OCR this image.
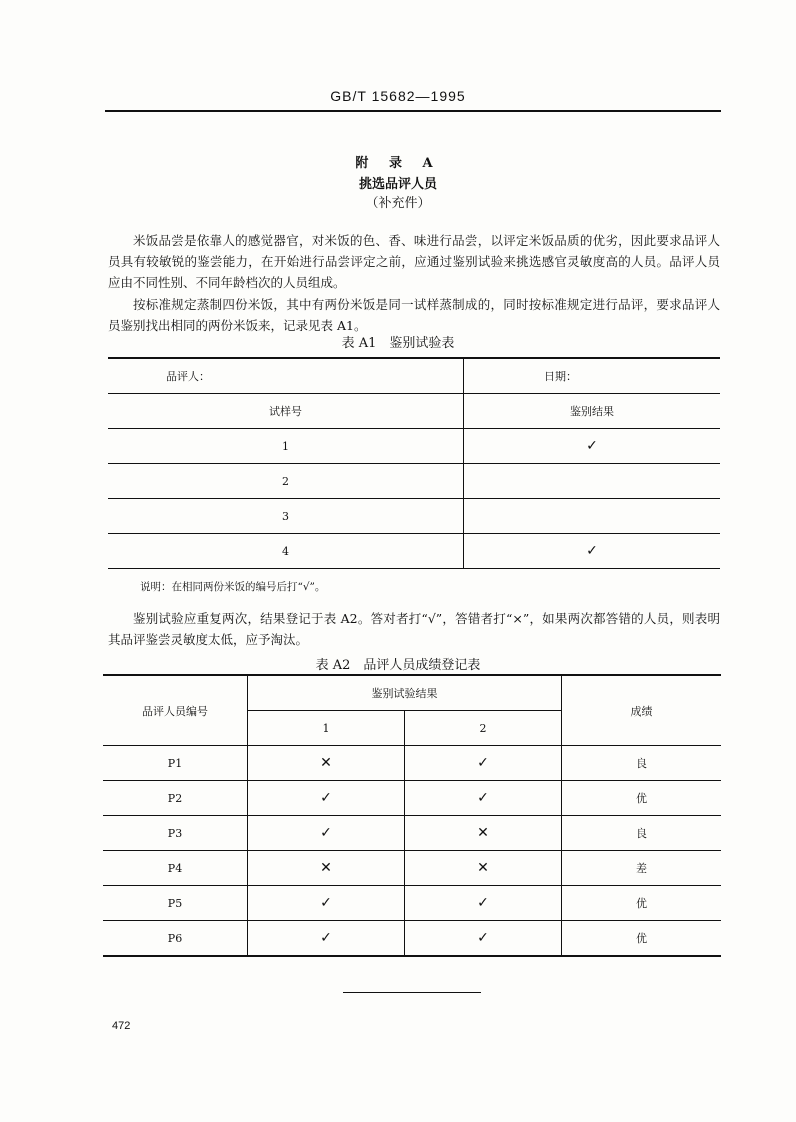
GB/T 15682—1995
附 录 A
挑选品评人员
（补充件）
米饭品尝是依靠人的感觉器官，对米饭的色、香、味进行品尝，以评定米饭品质的优劣，因此要求品评人员具有较敏锐的鉴尝能力，在开始进行品尝评定之前，应通过鉴别试验来挑选感官灵敏度高的人员。品评人员应由不同性别、不同年龄档次的人员组成。
按标准规定蒸制四份米饭，其中有两份米饭是同一试样蒸制成的，同时按标准规定进行品评，要求品评人员鉴别找出相同的两份米饭来，记录见表 A1。
表 A1　鉴别试验表
品评人：	日期：
试样号	鉴别结果
1	✓
2	
3	
4	✓
说明：在相同两份米饭的编号后打“√”。	
鉴别试验应重复两次，结果登记于表 A2。答对者打“√”，答错者打“×”，如果两次都答错的人员，则表明其品评鉴尝灵敏度太低，应予淘汰。
表 A2　品评人员成绩登记表
品评人员编号	鉴别试验结果		成绩
	1	2	
P1	✕	✓	良
P2	✓	✓	优
P3	✓	✕	良
P4	✕	✕	差
P5	✓	✓	优
P6	✓	✓	优
472
